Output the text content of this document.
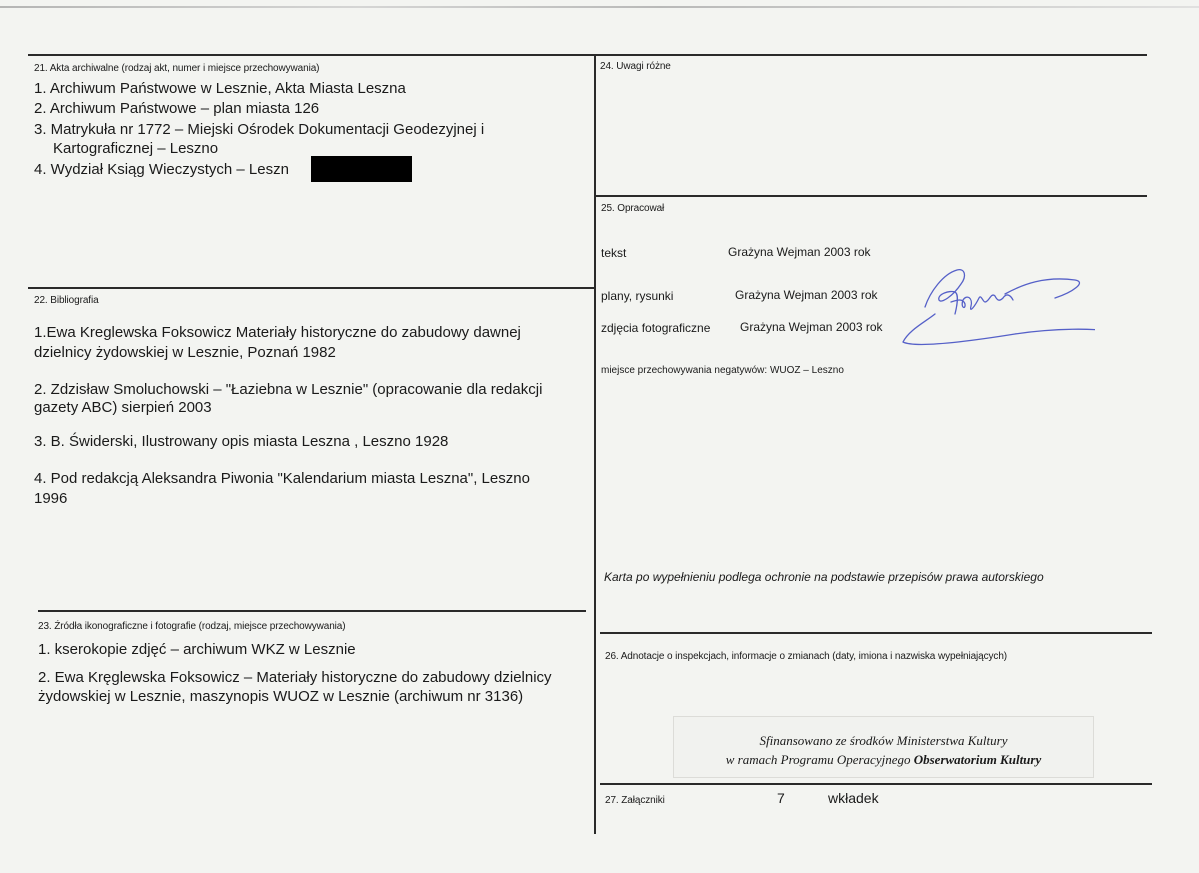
21. Akta archiwalne (rodzaj akt, numer i miejsce przechowywania)
1. Archiwum Państwowe w Lesznie, Akta Miasta Leszna
2. Archiwum Państwowe – plan miasta 126
3. Matrykuła nr 1772 – Miejski Ośrodek Dokumentacji Geodezyjnej i
Kartograficznej – Leszno
4. Wydział Ksiąg Wieczystych – Leszn
22. Bibliografia
1.Ewa Kreglewska Foksowicz Materiały historyczne do zabudowy dawnej
dzielnicy żydowskiej w Lesznie, Poznań 1982
2. Zdzisław Smoluchowski – "Łaziebna w Lesznie" (opracowanie dla redakcji
gazety ABC) sierpień 2003
3. B. Świderski, Ilustrowany opis miasta Leszna , Leszno 1928
4. Pod redakcją Aleksandra Piwonia "Kalendarium miasta Leszna", Leszno
1996
23. Źródła ikonograficzne i fotografie (rodzaj, miejsce przechowywania)
1. kserokopie zdjęć – archiwum WKZ w Lesznie
2. Ewa Kręglewska Foksowicz – Materiały historyczne do zabudowy dzielnicy
żydowskiej w Lesznie, maszynopis WUOZ w Lesznie (archiwum nr 3136)
24. Uwagi różne
25. Opracował
tekst	Grażyna Wejman 2003 rok
plany, rysunki	Grażyna Wejman 2003 rok
zdjęcia fotograficzne Grażyna Wejman 2003 rok
miejsce przechowywania negatywów: WUOZ – Leszno
Karta po wypełnieniu podlega ochronie na podstawie przepisów prawa autorskiego
26. Adnotacje o inspekcjach, informacje o zmianach (daty, imiona i nazwiska wypełniających)
Sfinansowano ze środków Ministerstwa Kultury
w ramach Programu Operacyjnego Obserwatorium Kultury
27. Załączniki	7	wkładek
